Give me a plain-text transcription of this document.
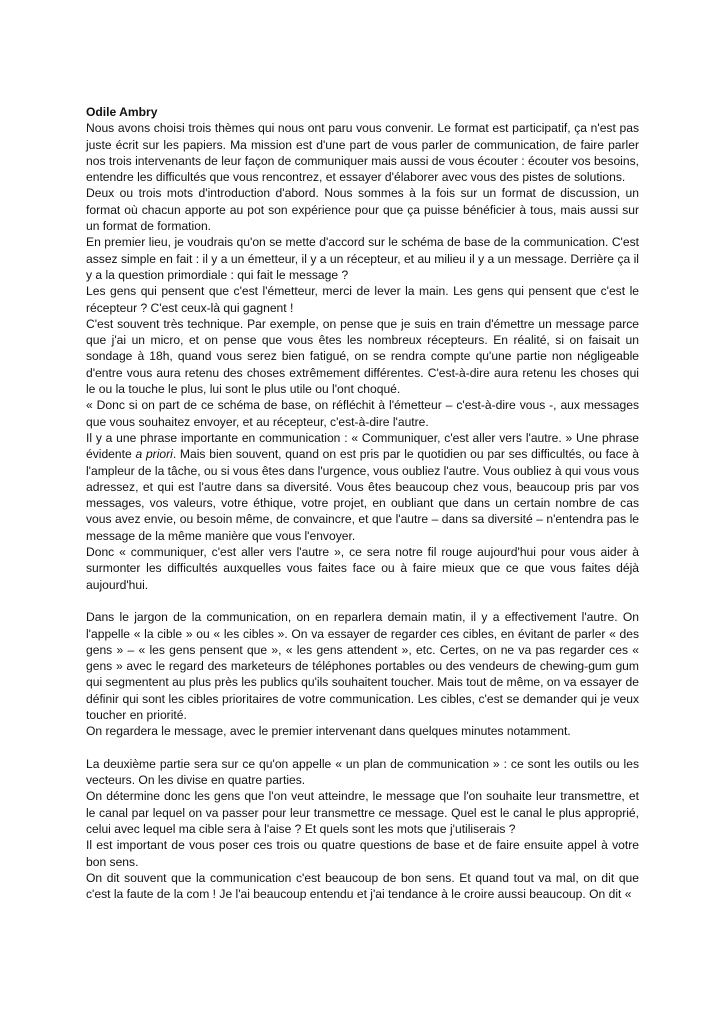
Odile Ambry

Nous avons choisi trois thèmes qui nous ont paru vous convenir. Le format est participatif, ça n'est pas juste écrit sur les papiers. Ma mission est d'une part de vous parler de communication, de faire parler nos trois intervenants de leur façon de communiquer mais aussi de vous écouter : écouter vos besoins, entendre les difficultés que vous rencontrez, et essayer d'élaborer avec vous des pistes de solutions.

Deux ou trois mots d'introduction d'abord. Nous sommes à la fois sur un format de discussion, un format où chacun apporte au pot son expérience pour que ça puisse bénéficier à tous, mais aussi sur un format de formation.

En premier lieu, je voudrais qu'on se mette d'accord sur le schéma de base de la communication. C'est assez simple en fait : il y a un émetteur, il y a un récepteur, et au milieu il y a un message. Derrière ça il y a la question primordiale : qui fait le message ?

Les gens qui pensent que c'est l'émetteur, merci de lever la main. Les gens qui pensent que c'est le récepteur ? C'est ceux-là qui gagnent !

C'est souvent très technique. Par exemple, on pense que je suis en train d'émettre un message parce que j'ai un micro, et on pense que vous êtes les nombreux récepteurs. En réalité, si on faisait un sondage à 18h, quand vous serez bien fatigué, on se rendra compte qu'une partie non négligeable d'entre vous aura retenu des choses extrêmement différentes. C'est-à-dire aura retenu les choses qui le ou la touche le plus, lui sont le plus utile ou l'ont choqué.

« Donc si on part de ce schéma de base, on réfléchit à l'émetteur – c'est-à-dire vous -, aux messages que vous souhaitez envoyer, et au récepteur, c'est-à-dire l'autre.

Il y a une phrase importante en communication : « Communiquer, c'est aller vers l'autre. » Une phrase évidente a priori. Mais bien souvent, quand on est pris par le quotidien ou par ses difficultés, ou face à l'ampleur de la tâche, ou si vous êtes dans l'urgence, vous oubliez l'autre. Vous oubliez à qui vous vous adressez, et qui est l'autre dans sa diversité. Vous êtes beaucoup chez vous, beaucoup pris par vos messages, vos valeurs, votre éthique, votre projet, en oubliant que dans un certain nombre de cas vous avez envie, ou besoin même, de convaincre, et que l'autre – dans sa diversité – n'entendra pas le message de la même manière que vous l'envoyer.

Donc « communiquer, c'est aller vers l'autre », ce sera notre fil rouge aujourd'hui pour vous aider à surmonter les difficultés auxquelles vous faites face ou à faire mieux que ce que vous faites déjà aujourd'hui.

Dans le jargon de la communication, on en reparlera demain matin, il y a effectivement l'autre. On l'appelle « la cible » ou « les cibles ». On va essayer de regarder ces cibles, en évitant de parler « des gens » – « les gens pensent que », « les gens attendent », etc. Certes, on ne va pas regarder ces « gens » avec le regard des marketeurs de téléphones portables ou des vendeurs de chewing-gum gum qui segmentent au plus près les publics qu'ils souhaitent toucher. Mais tout de même, on va essayer de définir qui sont les cibles prioritaires de votre communication. Les cibles, c'est se demander qui je veux toucher en priorité.

On regardera le message, avec le premier intervenant dans quelques minutes notamment.

La deuxième partie sera sur ce qu'on appelle « un plan de communication » : ce sont les outils ou les vecteurs. On les divise en quatre parties.

On détermine donc les gens que l'on veut atteindre, le message que l'on souhaite leur transmettre, et le canal par lequel on va passer pour leur transmettre ce message. Quel est le canal le plus approprié, celui avec lequel ma cible sera à l'aise ? Et quels sont les mots que j'utiliserais ?

Il est important de vous poser ces trois ou quatre questions de base et de faire ensuite appel à votre bon sens.

On dit souvent que la communication c'est beaucoup de bon sens. Et quand tout va mal, on dit que c'est la faute de la com ! Je l'ai beaucoup entendu et j'ai tendance à le croire aussi beaucoup. On dit «
